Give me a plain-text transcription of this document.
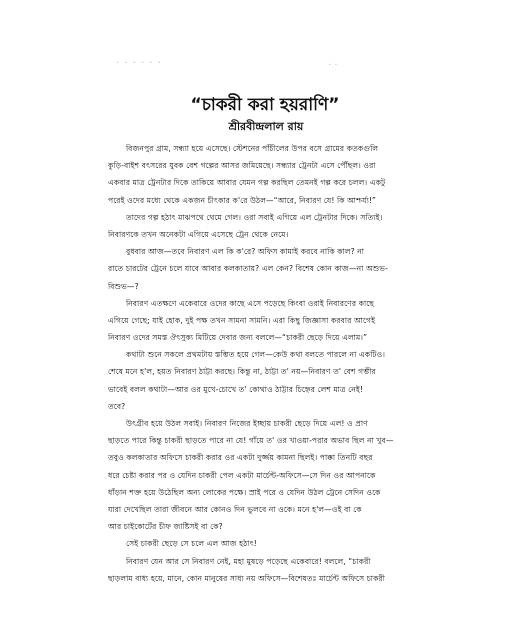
· · · · · ·	· ·
“চাকরী করা হয়রাণি”
শ্রীরবীন্দ্রলাল রায়
বিজনপুর গ্রাম, সন্ধ্যা হয়ে এসেছে। স্টেশনের পাঁচীলের উপর বসে গ্রামের কতকগুলি
কুড়ি-বাইশ বৎসরের যুবক বেশ গল্পের আসর জমিয়েছে। সন্ধ্যার ট্রেনটা এসে পৌঁছল। ওরা
একবার মাত্র ট্রেনটার দিকে তাকিয়ে আবার যেমন গল্প করছিল তেমনই গল্প করে চলল। একটু
পরেই ওদের মধ্যে থেকে একজন চীৎকার ক'রে উঠল—“আরে, নিবারণ যে! কি আশ্চর্য্য!”
তাদের গল্প হঠাৎ মাঝপথে থেমে গেল। ওরা সবাই এগিয়ে এল ট্রেনটার দিকে। সত্যিই।
নিবারণকে তখন অনেকটা এগিয়ে এসেছে ট্রেন থেকে নেমে।
বুধবার আজ—তবে নিবারণ এল কি ক'রে? অফিস কামাই করবে নাকি কাল? না
রাতে চারটের ট্রেনে চলে যাবে আবার কলকাতায়? এল কেন? বিশেষ কোন কাজ—না অশুভ-
বিশুভ—?
নিবারণ এতক্ষণে একেবারে ওদের কাছে এসে পড়েছে কিংবা ওরাই নিবারণের কাছে
এগিয়ে গেছে; যাই হোক, দুই পক্ষ তখন সামনা সামনি। এরা কিছু জিজ্ঞাসা করবার আগেই
নিবারণ ওদের সমস্ত ঔৎসুক্য মিটিয়ে দেবার জন্য বললে—“চাকরী ছেড়ে দিয়ে এলাম।”
কথাটা শুনে সকলে প্রথমটায় স্তম্ভিত হয়ে গেল—কেউ কথা বলতে পারলে না একটিও।
শেষে মনে হ'ল, হয়ত নিবারণ ঠাট্টা করছে। কিন্তু না, ঠাট্টা ত' নয়—নিবারণ ত' বেশ গম্ভীর
ভাবেই বলল কথাটা—আর ওর মুখে-চোখে ত' কোথাও ঠাট্টার চিহ্নের লেশ মাত্র নেই!
তবে?
উৎগ্রীব হয়ে উঠল সবাই। নিবারণ নিজের ইচ্ছায় চাকরী ছেড়ে দিয়ে এল! ও প্রাণ
ছাড়তে পারে কিন্তু চাকরী ছাড়তে পারে না যে! গাঁয়ে ত' ওর খাওয়া-পরার অভাব ছিল না খুব—
তবুও কলকাতার অফিসে চাকরী করার ওর একটা দুর্জ্জয় কামনা ছিলই। পাক্কা তিনটি বছর
ধরে চেষ্টা করার পর ও যেদিন চাকরী পেল একটা মার্চেন্ট-অফিসে—সে দিন ওর আপনাকে
ধাঁড়ান শক্ত হয়ে উঠেছিল অন্য লোকের পক্ষে। স্রাই পরে ও যেদিন উঠল ট্রেনে সেদিন ওকে
যারা দেখেছিল তারা জীবনে আর কোনও দিন ভুলবে না ওকে। মনে হ'ল—ওই বা কে
আর চাইকোর্টের চীফ জাষ্টিসই বা কে?
সেই চাকরী ছেড়ে সে চলে এল আজ হঠাৎ!
নিবারণ যেন আর সে নিবারণ নেই, মহা মুষড়ে পড়েছে একেবারে! বললে, “চাকরী
ছাড়লাম বাধ্য হয়ে, মানে, কোন মানুষের সাধ্য নয় অফিসে—বিশেষতঃ মার্চেন্ট অফিসে চাকরী
